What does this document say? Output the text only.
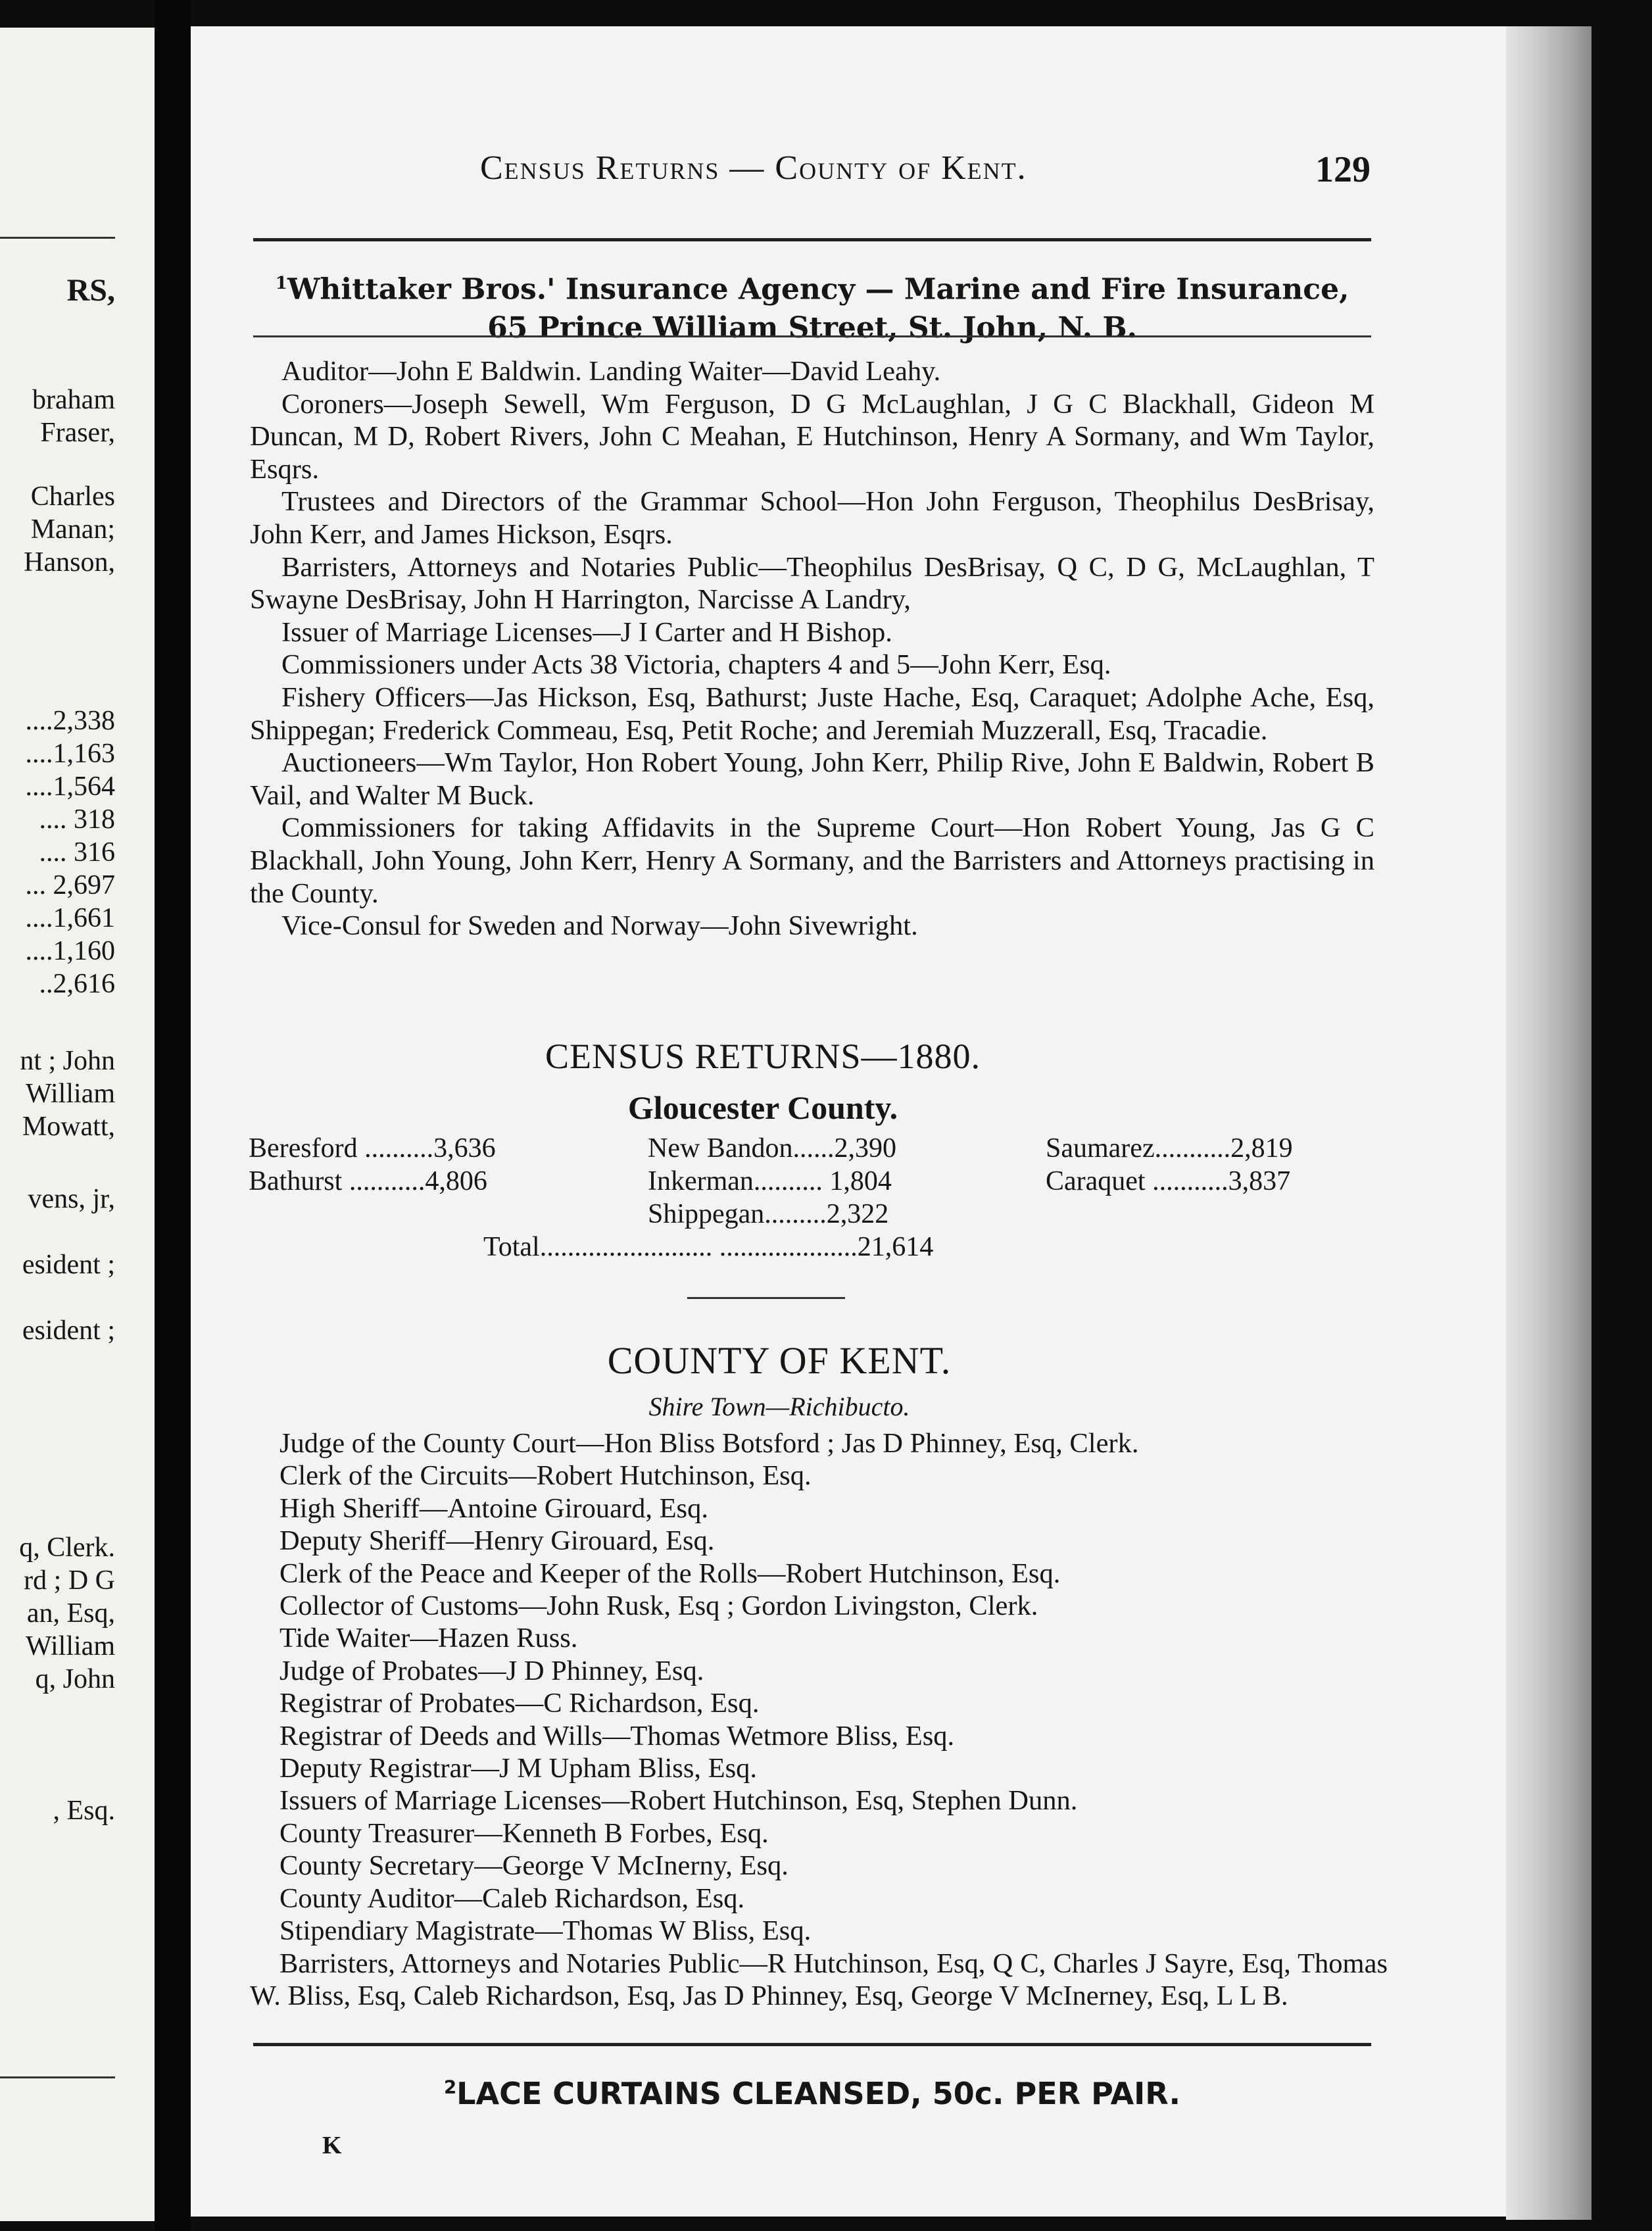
RS,
braham
Fraser,
Charles
Manan;
Hanson,
....2,338
....1,163
....1,564
.... 318
.... 316
... 2,697
....1,661
....1,160
..2,616
nt ; John
William
Mowatt,
vens, jr,
esident ;
esident ;
q, Clerk.
rd ; D G
an, Esq,
William
q, John
, Esq.
Census Returns — County of Kent.	129
$^1$Whittaker Bros.' Insurance Agency — Marine and Fire Insurance,
65 Prince William Street, St. John, N. B.

Auditor—John E Baldwin. Landing Waiter—David Leahy.

Coroners—Joseph Sewell, Wm Ferguson, D G McLaughlan, J G C Blackhall, Gideon M Duncan, M D, Robert Rivers, John C Meahan, E Hutchinson, Henry A Sormany, and Wm Taylor, Esqrs.

Trustees and Directors of the Grammar School—Hon John Ferguson, Theophilus DesBrisay, John Kerr, and James Hickson, Esqrs.

Barristers, Attorneys and Notaries Public—Theophilus DesBrisay, Q C, D G, McLaughlan, T Swayne DesBrisay, John H Harrington, Narcisse A Landry,

Issuer of Marriage Licenses—J I Carter and H Bishop.

Commissioners under Acts 38 Victoria, chapters 4 and 5—John Kerr, Esq.

Fishery Officers—Jas Hickson, Esq, Bathurst; Juste Hache, Esq, Caraquet; Adolphe Ache, Esq, Shippegan; Frederick Commeau, Esq, Petit Roche; and Jeremiah Muzzerall, Esq, Tracadie.

Auctioneers—Wm Taylor, Hon Robert Young, John Kerr, Philip Rive, John E Baldwin, Robert B Vail, and Walter M Buck.

Commissioners for taking Affidavits in the Supreme Court—Hon Robert Young, Jas G C Blackhall, John Young, John Kerr, Henry A Sormany, and the Barristers and Attorneys practising in the County.

Vice-Consul for Sweden and Norway—John Sivewright.

CENSUS RETURNS—1880.
Gloucester County.
Beresford ..........3,636
Bathurst ...........4,806
New Bandon......2,390
Inkerman.......... 1,804
Shippegan.........2,322
Saumarez...........2,819
Caraquet ...........3,837
Total......................... ....................21,614
COUNTY OF KENT.
Shire Town—Richibucto.

Judge of the County Court—Hon Bliss Botsford ; Jas D Phinney, Esq, Clerk.

Clerk of the Circuits—Robert Hutchinson, Esq.

High Sheriff—Antoine Girouard, Esq.

Deputy Sheriff—Henry Girouard, Esq.

Clerk of the Peace and Keeper of the Rolls—Robert Hutchinson, Esq.

Collector of Customs—John Rusk, Esq ; Gordon Livingston, Clerk.

Tide Waiter—Hazen Russ.

Judge of Probates—J D Phinney, Esq.

Registrar of Probates—C Richardson, Esq.

Registrar of Deeds and Wills—Thomas Wetmore Bliss, Esq.

Deputy Registrar—J M Upham Bliss, Esq.

Issuers of Marriage Licenses—Robert Hutchinson, Esq, Stephen Dunn.

County Treasurer—Kenneth B Forbes, Esq.

County Secretary—George V McInerny, Esq.

County Auditor—Caleb Richardson, Esq.

Stipendiary Magistrate—Thomas W Bliss, Esq.

Barristers, Attorneys and Notaries Public—R Hutchinson, Esq, Q C, Charles J Sayre, Esq, Thomas W. Bliss, Esq, Caleb Richardson, Esq, Jas D Phinney, Esq, George V McInerney, Esq, L L B.

$^2$LACE CURTAINS CLEANSED, 50c. PER PAIR.
K
